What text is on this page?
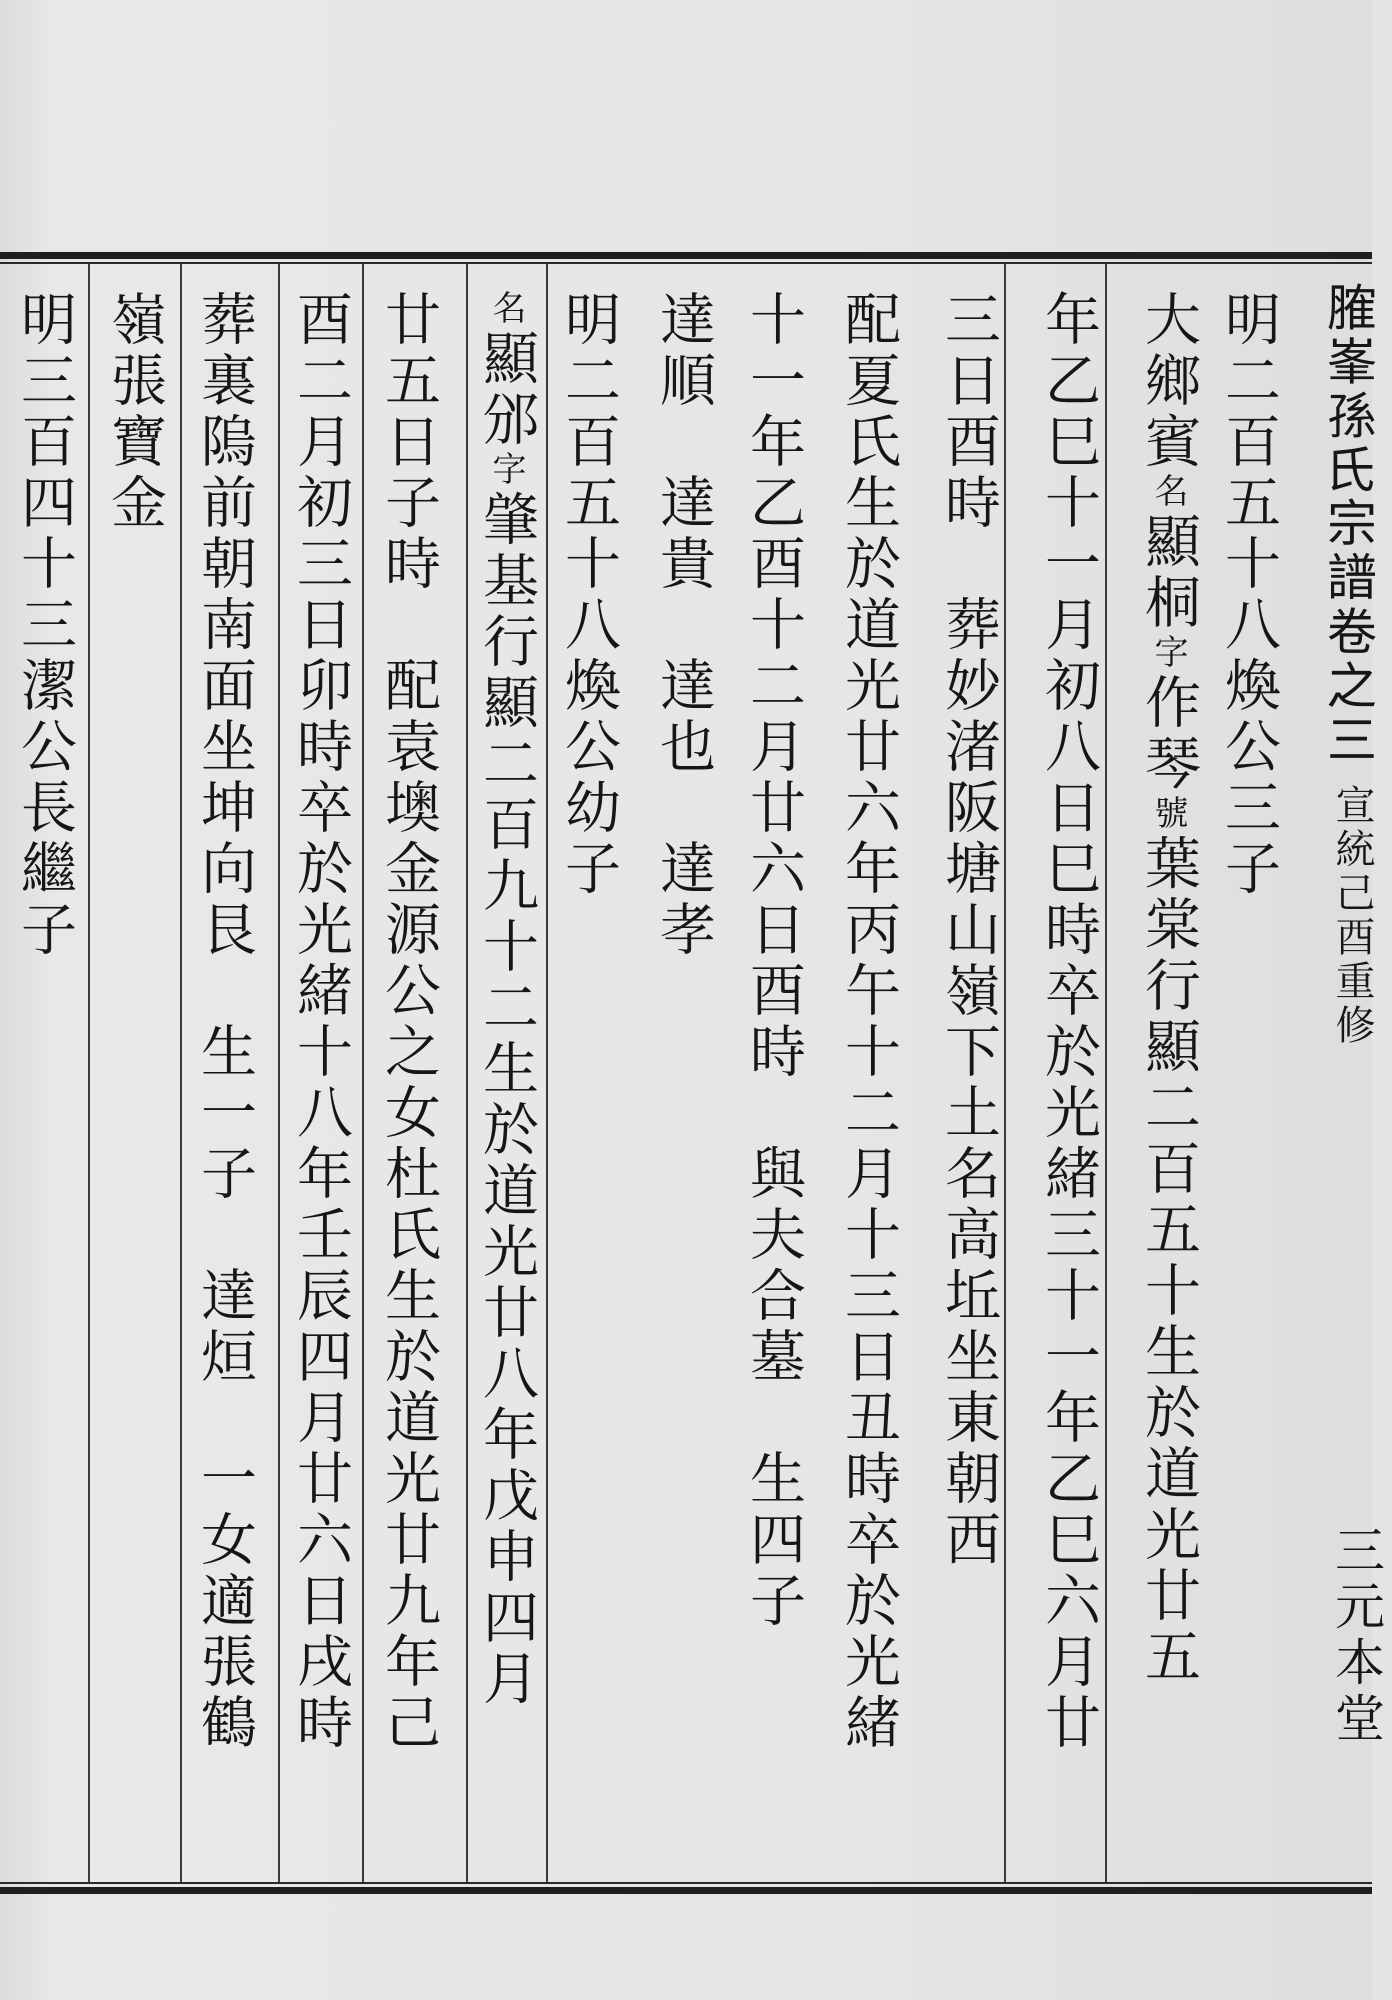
𦞦峯孫氏宗譜卷之三
宣統己酉重修
三元本堂
明二百五十八煥公三子
大鄉賓名顯桐字作琴號葉棠行顯二百五十生於道光廿五
年乙巳十一月初八日巳時卒於光緒三十一年乙巳六月廿
三日酉時　葬妙渚阪塘山嶺下土名高坵坐東朝西
配夏氏生於道光廿六年丙午十二月十三日丑時卒於光緒
十一年乙酉十二月廿六日酉時　與夫合墓　生四子
達順　達貴　達也　達孝
明二百五十八煥公幼子
名顯邠字肇基行顯二百九十二生於道光廿八年戊申四月
廿五日子時　配袁墺金源公之女杜氏生於道光廿九年己
酉二月初三日卯時卒於光緒十八年壬辰四月廿六日戌時
葬裏隖前朝南面坐坤向艮　生一子　達烜　一女適張鶴
嶺張寶金
明三百四十三潔公長繼子
